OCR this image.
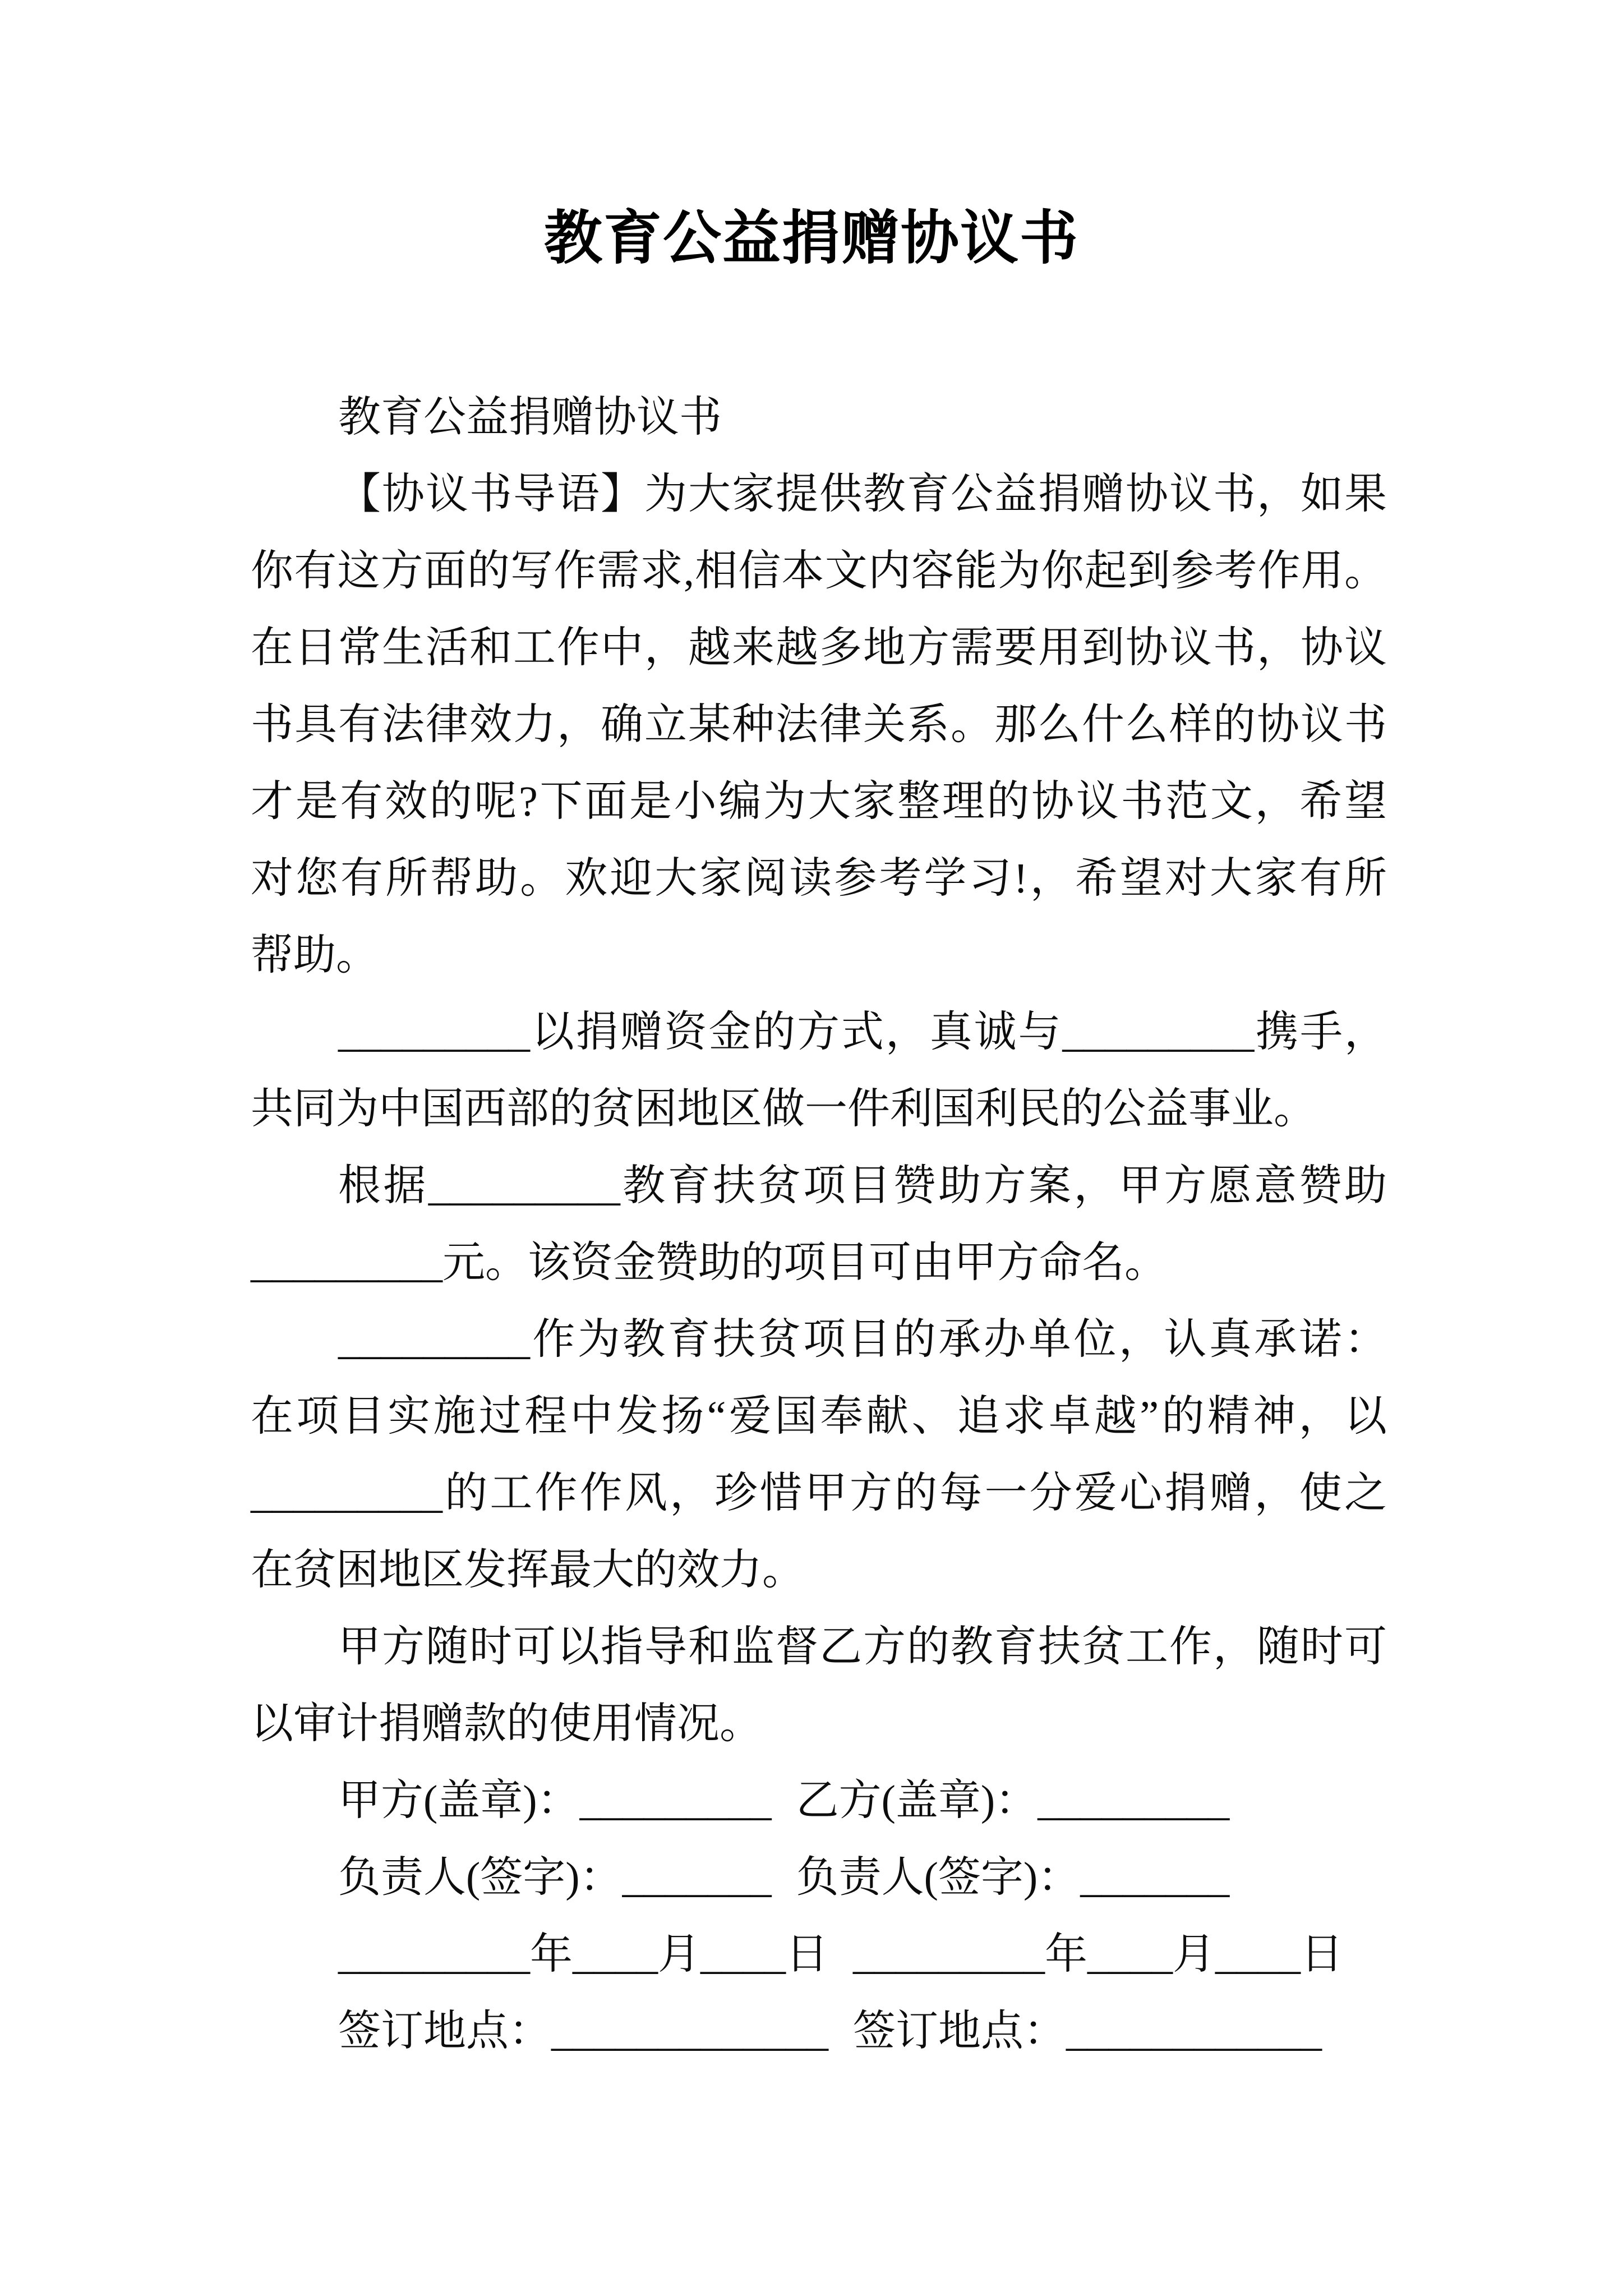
教育公益捐赠协议书
教育公益捐赠协议书
【协议书导语】为大家提供教育公益捐赠协议书，如果
你有这方面的写作需求,相信本文内容能为你起到参考作用。
在日常生活和工作中，越来越多地方需要用到协议书，协议
书具有法律效力，确立某种法律关系。那么什么样的协议书
才是有效的呢?下面是小编为大家整理的协议书范文，希望
对您有所帮助。欢迎大家阅读参考学习!，希望对大家有所
帮助。
_________以捐赠资金的方式，真诚与_________携手，
共同为中国西部的贫困地区做一件利国利民的公益事业。
根据_________教育扶贫项目赞助方案，甲方愿意赞助
_________元。该资金赞助的项目可由甲方命名。
_________作为教育扶贫项目的承办单位，认真承诺：
在项目实施过程中发扬“爱国奉献、追求卓越”的精神，以
_________的工作作风，珍惜甲方的每一分爱心捐赠，使之
在贫困地区发挥最大的效力。
甲方随时可以指导和监督乙方的教育扶贫工作，随时可
以审计捐赠款的使用情况。
甲方(盖章)：_________ 乙方(盖章)：_________
负责人(签字)：_______ 负责人(签字)：_______
_________年____月____日 _________年____月____日
签订地点：_____________ 签订地点：____________
